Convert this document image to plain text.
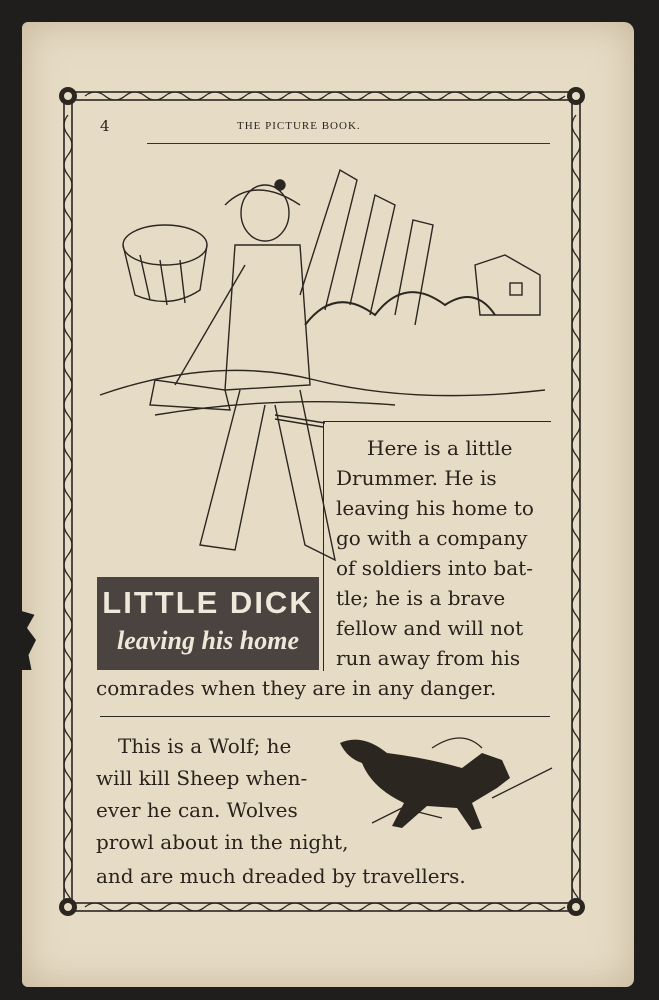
4	THE PICTURE BOOK.
LITTLE DICK
leaving his home
Here is a little
Drummer. He is
leaving his home to
go with a company
of soldiers into bat-
tle; he is a brave
fellow and will not
run away from his
comrades when they are in any danger.
This is a Wolf; he
will kill Sheep when-
ever he can. Wolves
prowl about in the night,
and are much dreaded by travellers.
